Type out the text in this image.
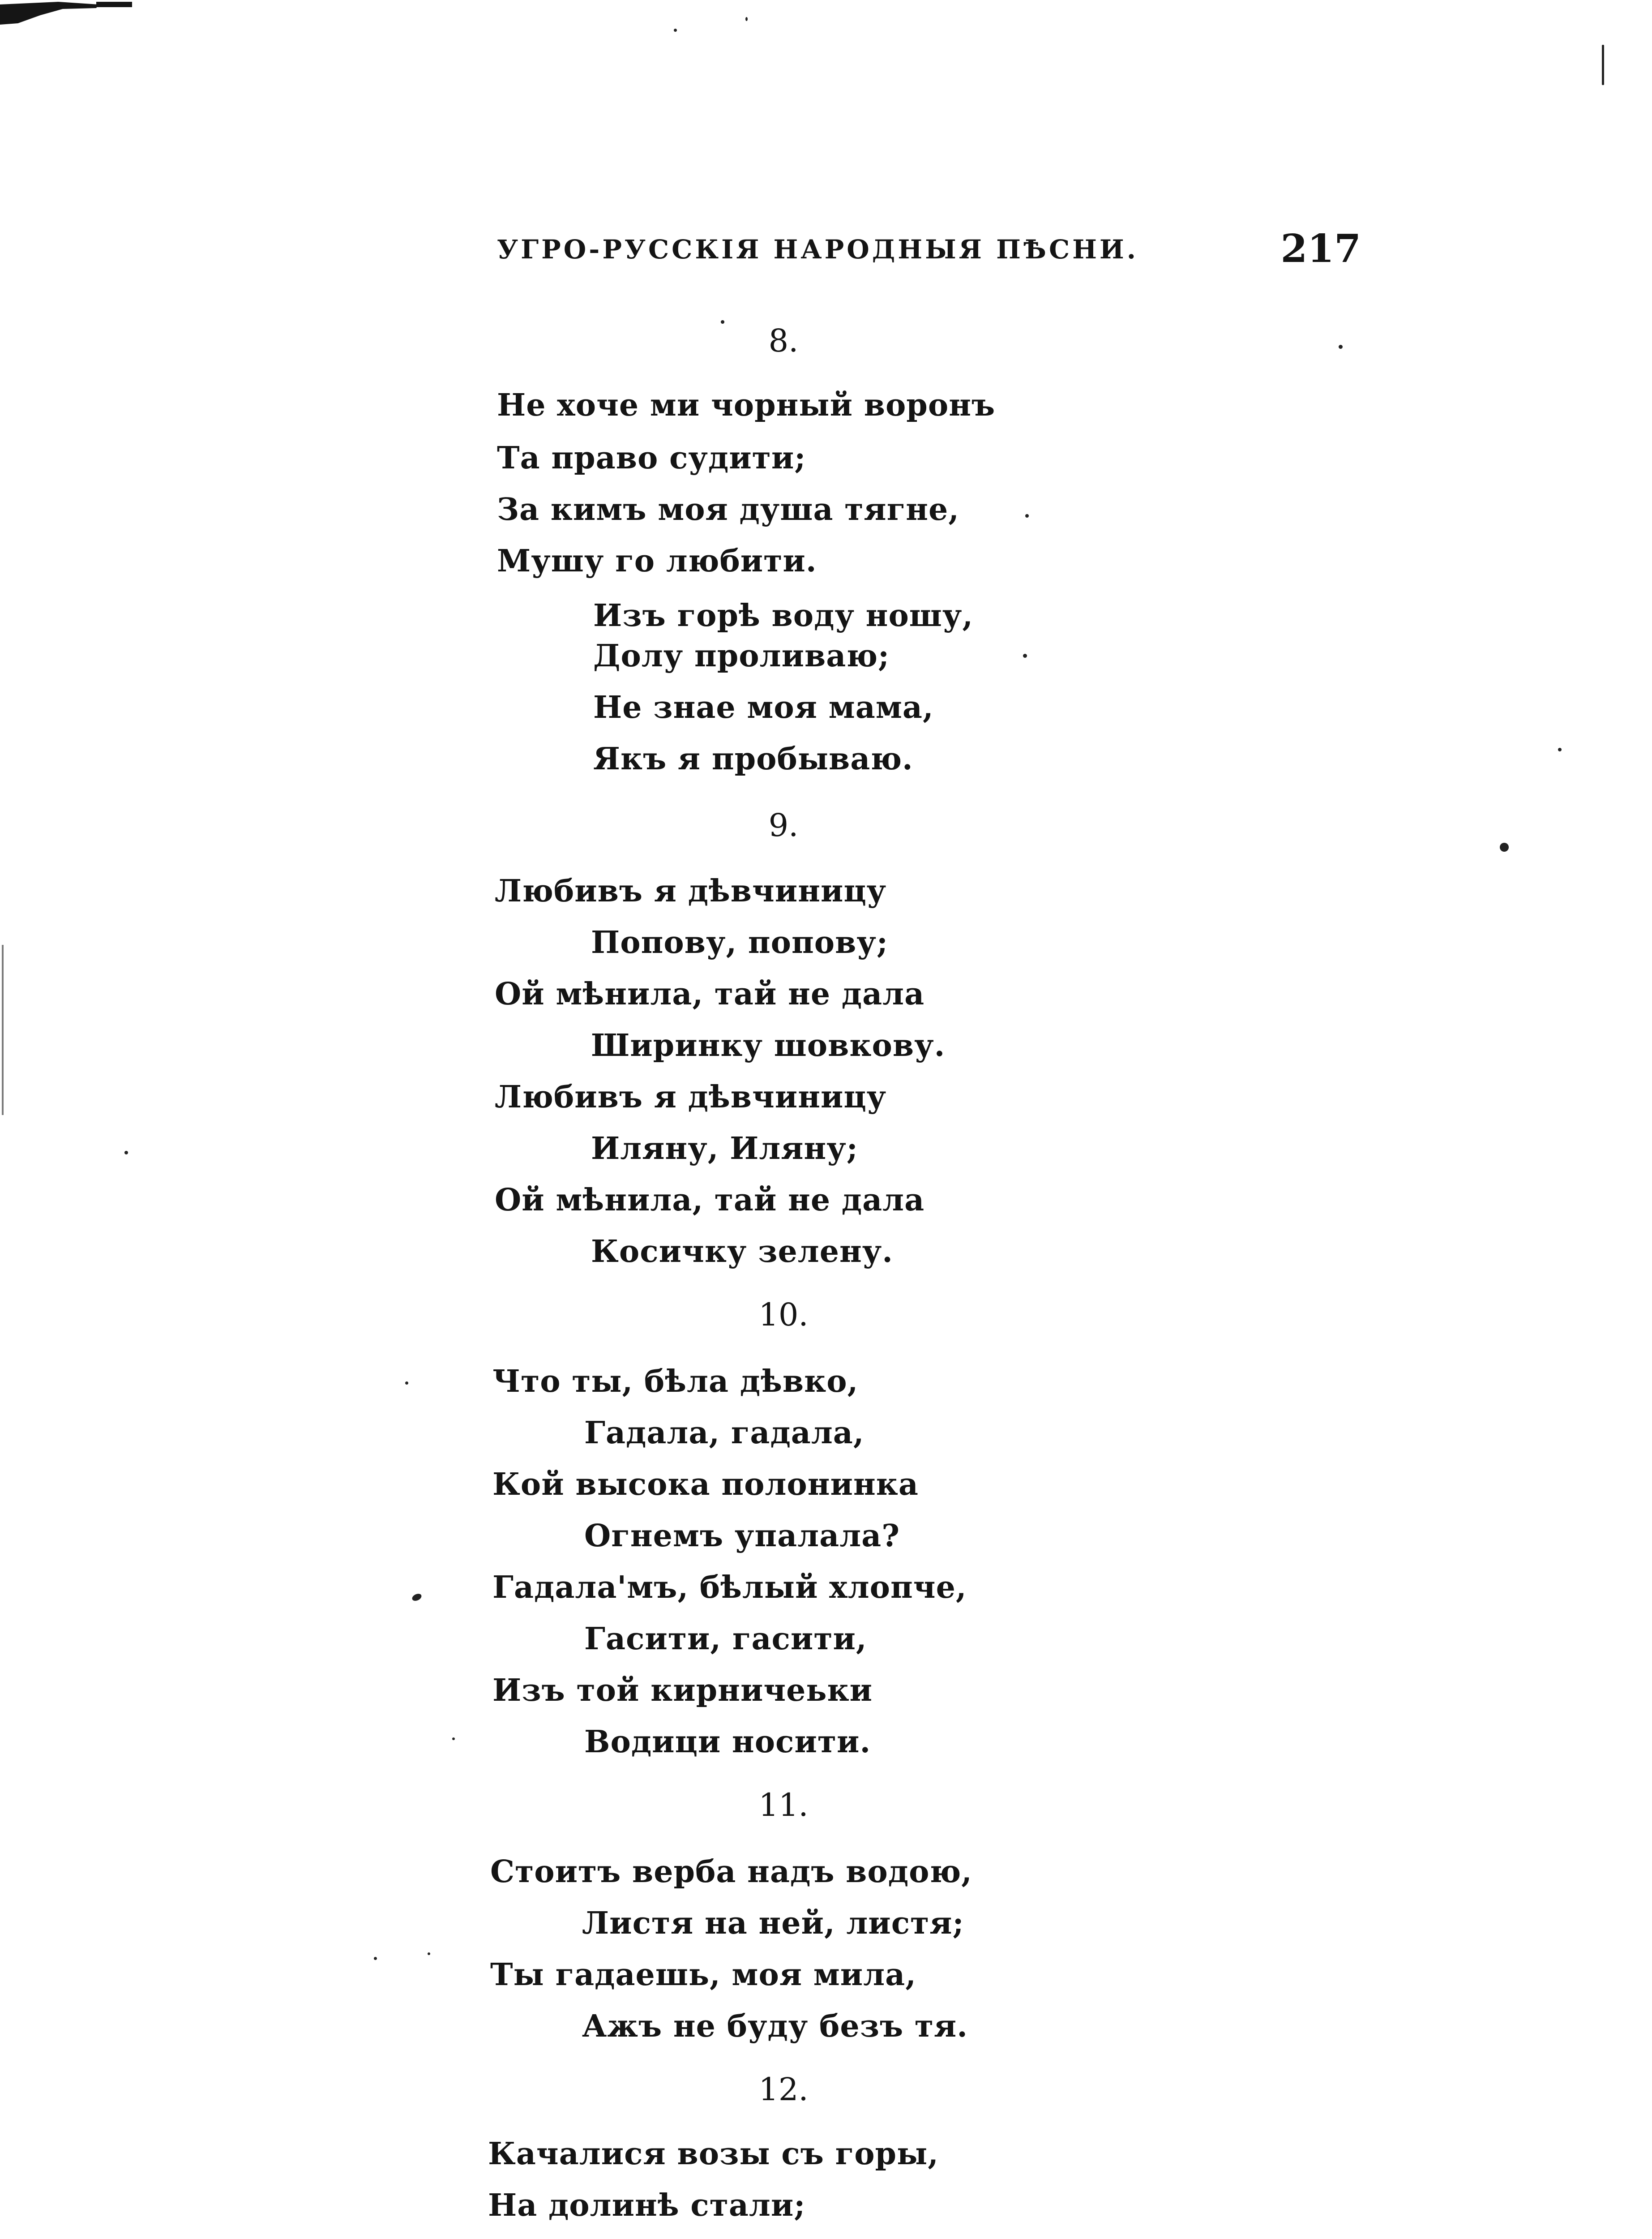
УГРО-РУССКІЯ НАРОДНЫЯ ПѢСНИ.	217
8.
Не хоче ми чорный воронъ
Та право судити;
За кимъ моя душа тягне,
Мушу го любити.
Изъ горѣ воду ношу,
Долу проливаю;
Не знае моя мама,
Якъ я пробываю.
9.
Любивъ я дѣвчиницу
Попову, попову;
Ой мѣнила, тай не дала
Ширинку шовкову.
Любивъ я дѣвчиницу
Иляну, Иляну;
Ой мѣнила, тай не дала
Косичку зелену.
10.
Что ты, бѣла дѣвко,
Гадала, гадала,
Кой высока полонинка
Огнемъ упалала?
Гадала'мъ, бѣлый хлопче,
Гасити, гасити,
Изъ той кирничеьки
Водици носити.
11.
Стоитъ верба надъ водою,
Листя на ней, листя;
Ты гадаешь, моя мила,
Ажъ не буду безъ тя.
12.
Качалися возы съ горы,
На долинѣ стали;
